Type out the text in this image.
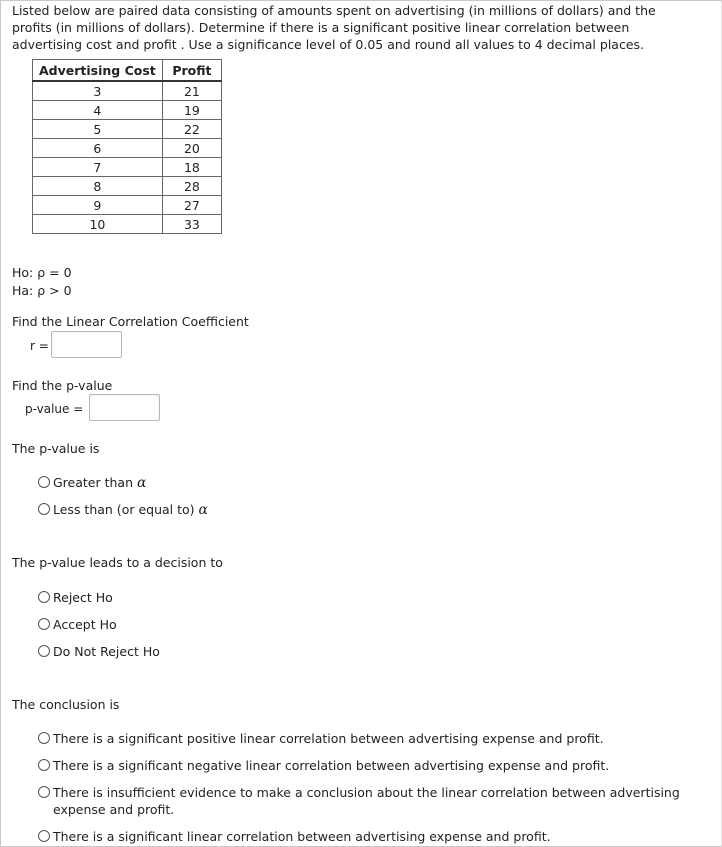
Listed below are paired data consisting of amounts spent on advertising (in millions of dollars) and the
profits (in millions of dollars). Determine if there is a significant positive linear correlation between
advertising cost and profit . Use a significance level of 0.05 and round all values to 4 decimal places.
Advertising Cost	Profit
3	21
4	19
5	22
6	20
7	18
8	28
9	27
10	33
Ho: ρ = 0
Ha: ρ > 0
Find the Linear Correlation Coefficient
r =
Find the p-value
p-value =
The p-value is
Greater than α
Less than (or equal to) α
The p-value leads to a decision to
Reject Ho
Accept Ho
Do Not Reject Ho
The conclusion is
There is a significant positive linear correlation between advertising expense and profit.
There is a significant negative linear correlation between advertising expense and profit.
There is insufficient evidence to make a conclusion about the linear correlation between advertising expense and profit.
There is a significant linear correlation between advertising expense and profit.
